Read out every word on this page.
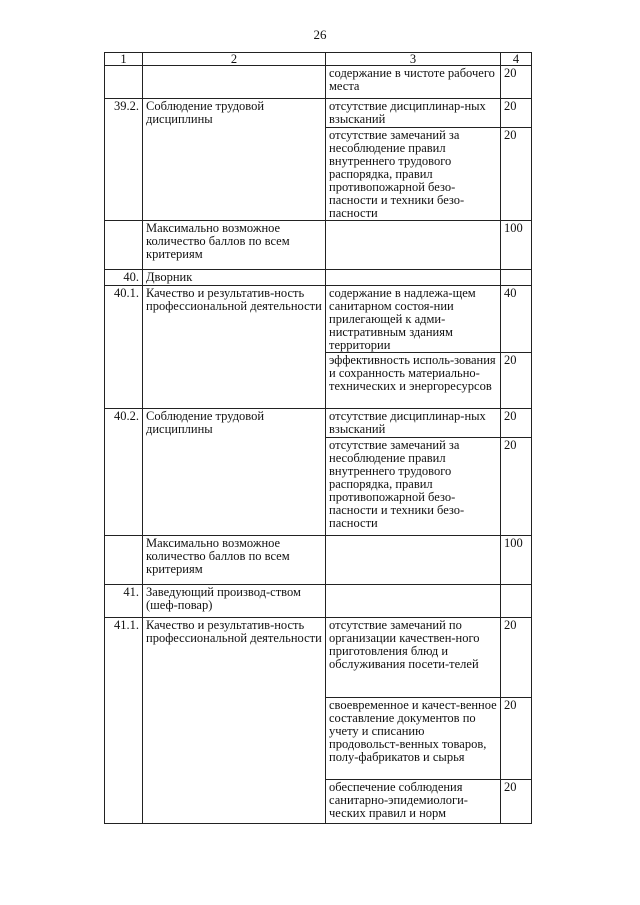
26
1	2	3	4
		содержание в чистоте рабочего места	20
39.2.	Соблюдение трудовой дисциплины	отсутствие дисциплинар-ных взысканий	20
		отсутствие замечаний за несоблюдение правил внутреннего трудового распорядка, правил противопожарной безо-пасности и техники безо-пасности	20
	Максимально возможное количество баллов по всем критериям		100
40.	Дворник		
40.1.	Качество и результатив-ность профессиональной деятельности	содержание в надлежа-щем санитарном состоя-нии прилегающей к адми-нистративным зданиям территории	40
		эффективность исполь-зования и сохранность материально-технических и энергоресурсов	20
40.2.	Соблюдение трудовой дисциплины	отсутствие дисциплинар-ных взысканий	20
		отсутствие замечаний за несоблюдение правил внутреннего трудового распорядка, правил противопожарной безо-пасности и техники безо-пасности	20
	Максимально возможное количество баллов по всем критериям		100
41.	Заведующий производ-ством (шеф-повар)		
41.1.	Качество и результатив-ность профессиональной деятельности	отсутствие замечаний по организации качествен-ного приготовления блюд и обслуживания посети-телей	20
		своевременное и качест-венное составление документов по учету и списанию продовольст-венных товаров, полу-фабрикатов и сырья	20
		обеспечение соблюдения санитарно-эпидемиологи-ческих правил и норм	20
